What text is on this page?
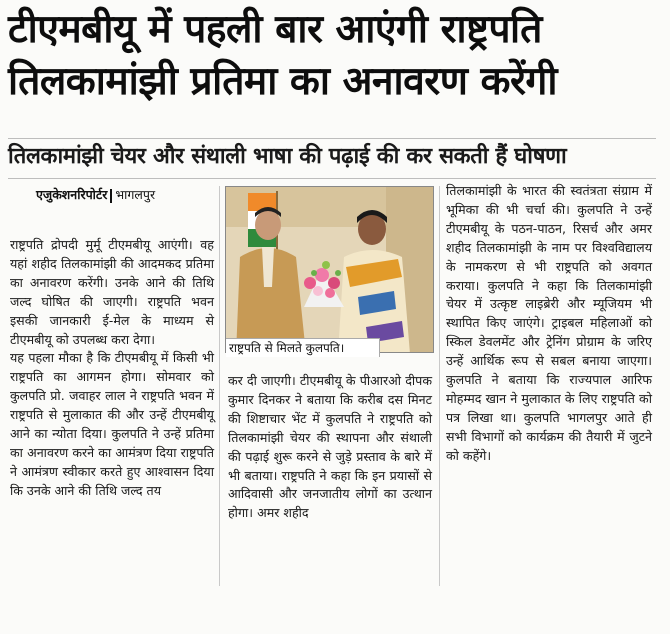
टीएमबीयू में पहली बार आएंगी राष्ट्रपति
तिलकामांझी प्रतिमा का अनावरण करेंगी
तिलकामांझी चेयर और संथाली भाषा की पढ़ाई की कर सकती हैं घोषणा
एजुकेशनरिपोर्टर भागलपुर

राष्ट्रपति द्रोपदी मुर्मू टीएमबीयू आएंगी। वह यहां शहीद तिलकामांझी की आदमकद प्रतिमा का अनावरण करेंगी। उनके आने की तिथि जल्द घोषित की जाएगी। राष्ट्रपति भवन इसकी जानकारी ई-मेल के माध्यम से टीएमबीयू को उपलब्ध करा देगा।

यह पहला मौका है कि टीएमबीयू में किसी भी राष्ट्रपति का आगमन होगा। सोमवार को कुलपति प्रो. जवाहर लाल ने राष्ट्रपति भवन में राष्ट्रपति से मुलाकात की और उन्हें टीएमबीयू आने का न्योता दिया। कुलपति ने उन्हें प्रतिमा का अनावरण करने का आमंत्रण दिया राष्ट्रपति ने आमंत्रण स्वीकार करते हुए आश्वासन दिया कि उनके आने की तिथि जल्द तय

राष्ट्रपति से मिलते कुलपति।

कर दी जाएगी। टीएमबीयू के पीआरओ दीपक कुमार दिनकर ने बताया कि करीब दस मिनट की शिष्टाचार भेंट में कुलपति ने राष्ट्रपति को तिलकामांझी चेयर की स्थापना और संथाली की पढ़ाई शुरू करने से जुड़े प्रस्ताव के बारे में भी बताया। राष्ट्रपति ने कहा कि इन प्रयासों से आदिवासी और जनजातीय लोगों का उत्थान होगा। अमर शहीद

तिलकामांझी के भारत की स्वतंत्रता संग्राम में भूमिका की भी चर्चा की। कुलपति ने उन्हें टीएमबीयू के पठन-पाठन, रिसर्च और अमर शहीद तिलकामांझी के नाम पर विश्वविद्यालय के नामकरण से भी राष्ट्रपति को अवगत कराया। कुलपति ने कहा कि तिलकामांझी चेयर में उत्कृष्ट लाइब्रेरी और म्यूजियम भी स्थापित किए जाएंगे। ट्राइबल महिलाओं को स्किल डेवलमेंट और ट्रेनिंग प्रोग्राम के जरिए उन्हें आर्थिक रूप से सबल बनाया जाएगा। कुलपति ने बताया कि राज्यपाल आरिफ मोहम्मद खान ने मुलाकात के लिए राष्ट्रपति को पत्र लिखा था। कुलपति भागलपुर आते ही सभी विभागों को कार्यक्रम की तैयारी में जुटने को कहेंगे।
